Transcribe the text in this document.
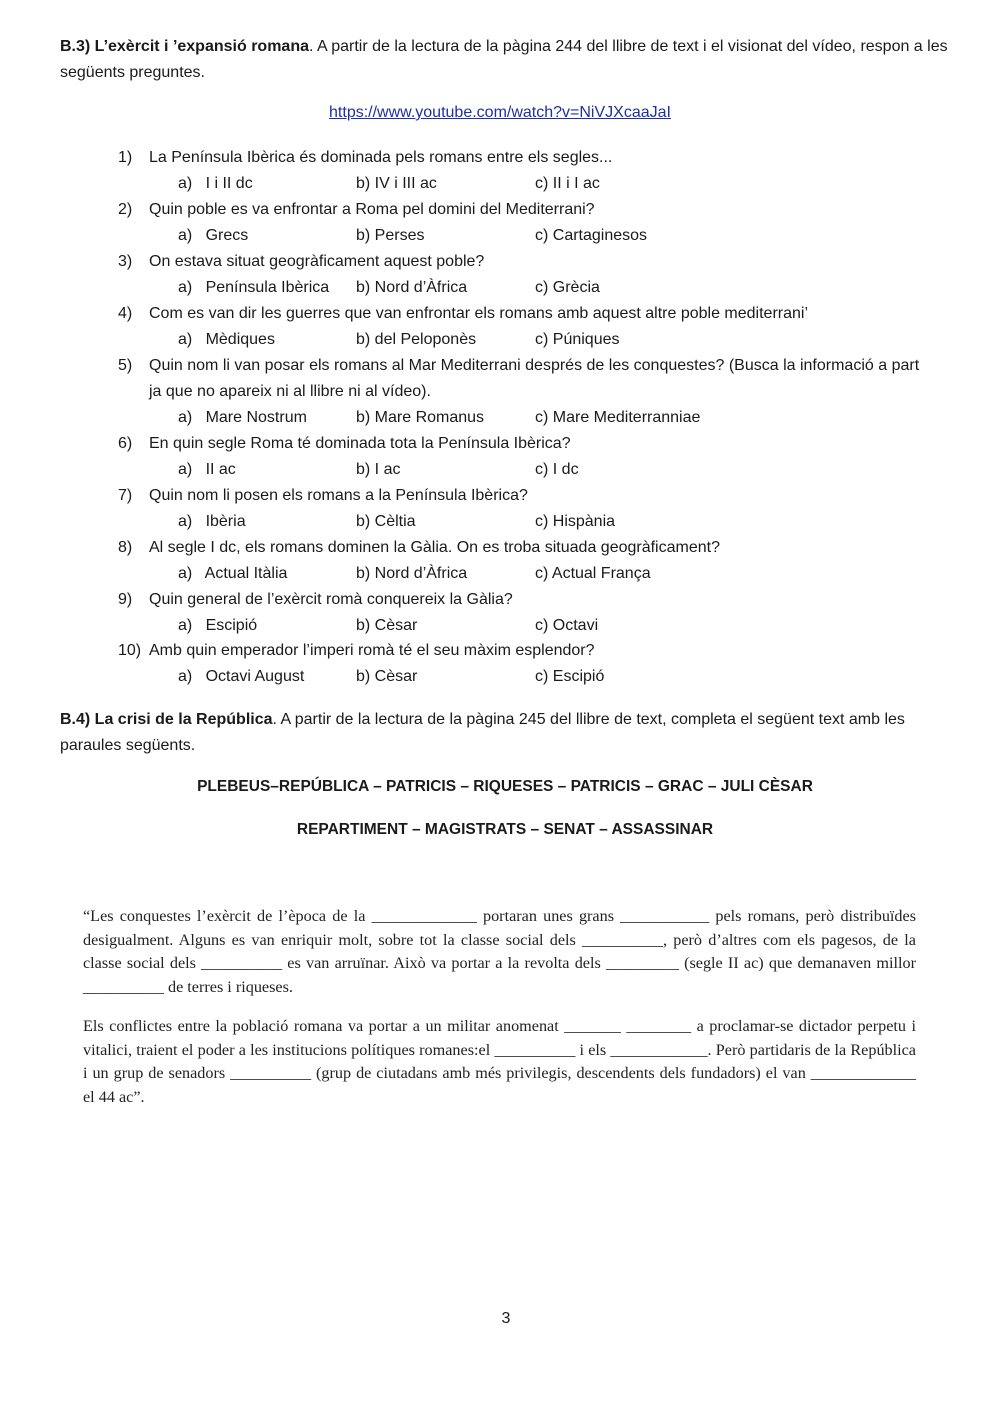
B.3) L’exèrcit i ’expansió romana. A partir de la lectura de la pàgina 244 del llibre de text i el visionat del vídeo, respon a les següents preguntes.
https://www.youtube.com/watch?v=NiVJXcaaJaI
1) La Península Ibèrica és dominada pels romans entre els segles...
a)   I i II dc	b) IV i III ac	c) II i I ac
2) Quin poble es va enfrontar a Roma pel domini del Mediterrani?
a)   Grecs	b) Perses	c) Cartaginesos
3) On estava situat geogràficament aquest poble?
a)   Península Ibèrica b) Nord d’Àfrica	c) Grècia
4) Com es van dir les guerres que van enfrontar els romans amb aquest altre poble mediterrani’
a)   Mèdiques	b) del Peloponès	c) Púniques
5) Quin nom li van posar els romans al Mar Mediterrani després de les conquestes? (Busca la informació a part ja que no apareix ni al llibre ni al vídeo).
a)   Mare Nostrum	b) Mare Romanus	c) Mare Mediterranniae
6) En quin segle Roma té dominada tota la Península Ibèrica?
a)   II ac	b) I ac	c) I dc
7) Quin nom li posen els romans a la Península Ibèrica?
a)   Ibèria	b) Cèltia	c) Hispània
8) Al segle I dc, els romans dominen la Gàlia. On es troba situada geogràficament?
a)   Actual Itàlia	b) Nord d’Àfrica	c) Actual França
9) Quin general de l’exèrcit romà conquereix la Gàlia?
a)   Escipió	b) Cèsar	c) Octavi
10) Amb quin emperador l’imperi romà té el seu màxim esplendor?
a)   Octavi August	b) Cèsar	c) Escipió
B.4) La crisi de la República. A partir de la lectura de la pàgina 245 del llibre de text, completa el següent text amb les paraules següents.
PLEBEUS–REPÚBLICA – PATRICIS – RIQUESES – PATRICIS – GRAC – JULI CÈSAR
REPARTIMENT – MAGISTRATS – SENAT – ASSASSINAR
“Les conquestes l’exèrcit de l’època de la _____________ portaran unes grans ___________ pels romans, però distribuïdes desigualment. Alguns es van enriquir molt, sobre tot la classe social dels __________, però d’altres com els pagesos, de la classe social dels __________ es van arruïnar. Això va portar a la revolta dels _________ (segle II ac) que demanaven millor __________ de terres i riqueses.
Els conflictes entre la població romana va portar a un militar anomenat _______ ________ a proclamar-se dictador perpetu i vitalici, traient el poder a les institucions polítiques romanes:el __________ i els ____________. Però partidaris de la República i un grup de senadors __________ (grup de ciutadans amb més privilegis, descendents dels fundadors) el van _____________ el 44 ac”.
3
